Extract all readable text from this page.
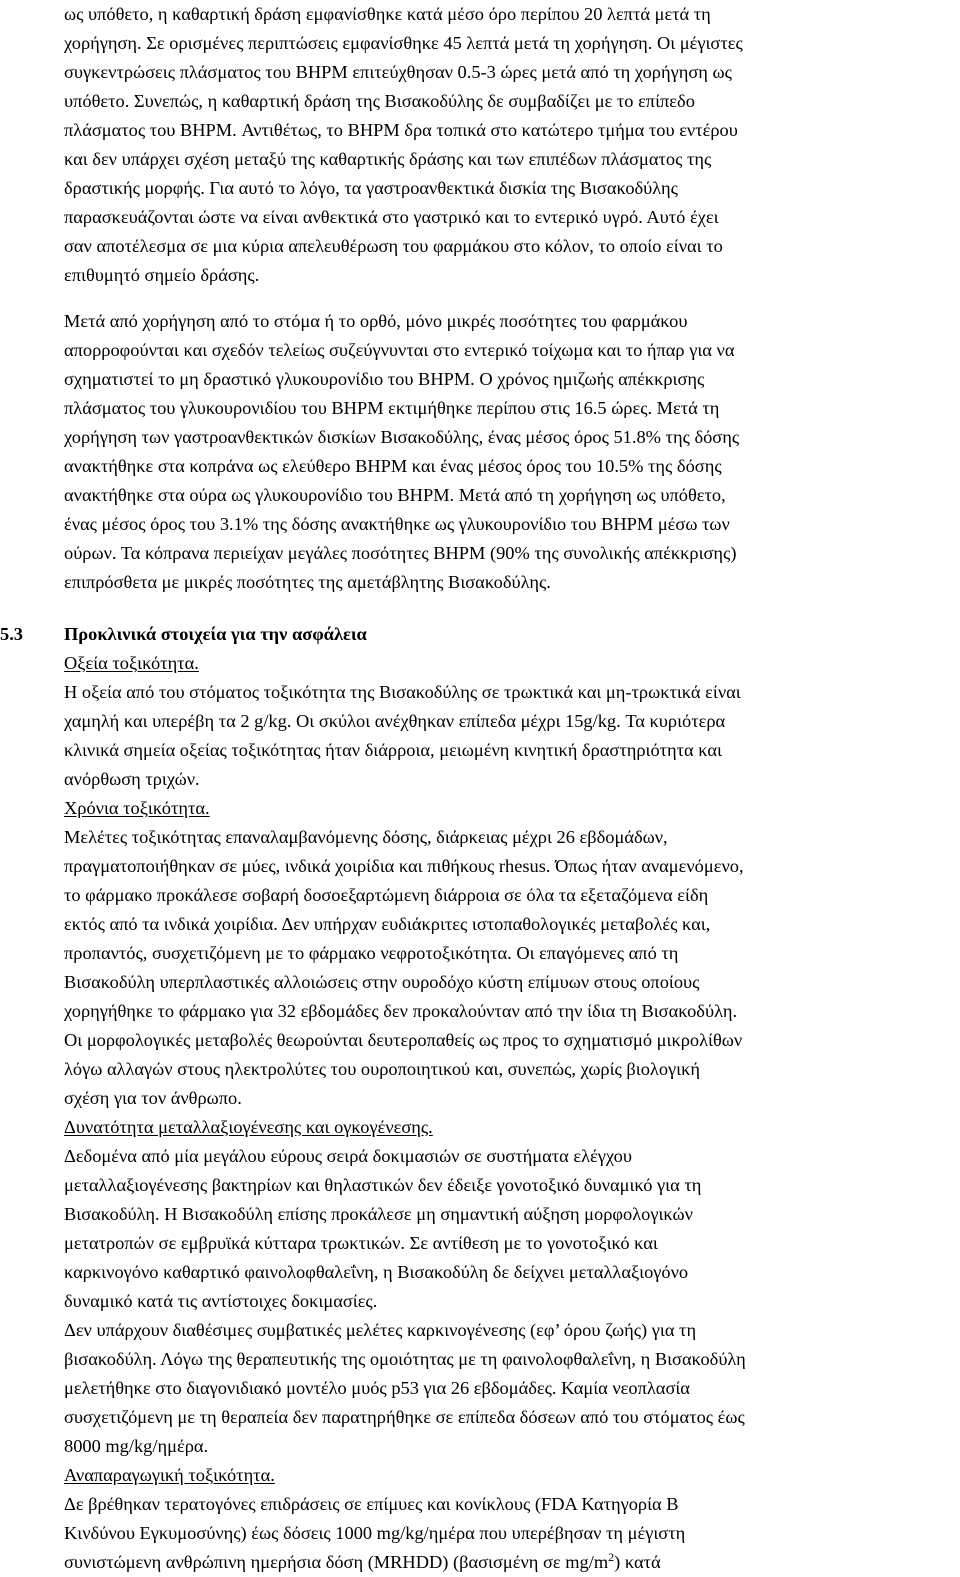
ως υπόθετο, η καθαρτική δράση εμφανίσθηκε κατά μέσο όρο περίπου 20 λεπτά μετά τη
χορήγηση. Σε ορισμένες περιπτώσεις εμφανίσθηκε 45 λεπτά μετά τη χορήγηση. Οι μέγιστες
συγκεντρώσεις πλάσματος του BHPM επιτεύχθησαν 0.5-3 ώρες μετά από τη χορήγηση ως
υπόθετο. Συνεπώς, η καθαρτική δράση της Βισακοδύλης δε συμβαδίζει με το επίπεδο
πλάσματος του BHPM. Αντιθέτως, το BHPM δρα τοπικά στο κατώτερο τμήμα του εντέρου
και δεν υπάρχει σχέση μεταξύ της καθαρτικής δράσης και των επιπέδων πλάσματος της
δραστικής μορφής. Για αυτό το λόγο, τα γαστροανθεκτικά δισκία της Βισακοδύλης
παρασκευάζονται ώστε να είναι ανθεκτικά στο γαστρικό και το εντερικό υγρό. Αυτό έχει
σαν αποτέλεσμα σε μια κύρια απελευθέρωση του φαρμάκου στο κόλον, το οποίο είναι το
επιθυμητό σημείο δράσης.
Μετά από χορήγηση από το στόμα ή το ορθό, μόνο μικρές ποσότητες του φαρμάκου
απορροφούνται και σχεδόν τελείως συζεύγνυνται στο εντερικό τοίχωμα και το ήπαρ για να
σχηματιστεί το μη δραστικό γλυκουρονίδιο του BHPM. Ο χρόνος ημιζωής απέκκρισης
πλάσματος του γλυκουρονιδίου του BHPM εκτιμήθηκε περίπου στις 16.5 ώρες. Μετά τη
χορήγηση των γαστροανθεκτικών δισκίων Βισακοδύλης, ένας μέσος όρος 51.8% της δόσης
ανακτήθηκε στα κοπράνα ως ελεύθερο BHPM και ένας μέσος όρος του 10.5% της δόσης
ανακτήθηκε στα ούρα ως γλυκουρονίδιο του BHPM. Μετά από τη χορήγηση ως υπόθετο,
ένας μέσος όρος του 3.1% της δόσης ανακτήθηκε ως γλυκουρονίδιο του BHPM μέσω των
ούρων. Τα κόπρανα περιείχαν μεγάλες ποσότητες BHPM (90% της συνολικής απέκκρισης)
επιπρόσθετα με μικρές ποσότητες της αμετάβλητης Βισακοδύλης.
5.3 Προκλινικά στοιχεία για την ασφάλεια
Οξεία τοξικότητα.
Η οξεία από του στόματος τοξικότητα της Βισακοδύλης σε τρωκτικά και μη-τρωκτικά είναι
χαμηλή και υπερέβη τα 2 g/kg. Οι σκύλοι ανέχθηκαν επίπεδα μέχρι 15g/kg. Τα κυριότερα
κλινικά σημεία οξείας τοξικότητας ήταν διάρροια, μειωμένη κινητική δραστηριότητα και
ανόρθωση τριχών.
Χρόνια τοξικότητα.
Μελέτες τοξικότητας επαναλαμβανόμενης δόσης, διάρκειας μέχρι 26 εβδομάδων,
πραγματοποιήθηκαν σε μύες, ινδικά χοιρίδια και πιθήκους rhesus. Όπως ήταν αναμενόμενο,
το φάρμακο προκάλεσε σοβαρή δοσοεξαρτώμενη διάρροια σε όλα τα εξεταζόμενα είδη
εκτός από τα ινδικά χοιρίδια. Δεν υπήρχαν ευδιάκριτες ιστοπαθολογικές μεταβολές και,
προπαντός, συσχετιζόμενη με το φάρμακο νεφροτοξικότητα. Οι επαγόμενες από τη
Βισακοδύλη υπερπλαστικές αλλοιώσεις στην ουροδόχο κύστη επίμυων στους οποίους
χορηγήθηκε το φάρμακο για 32 εβδομάδες δεν προκαλούνταν από την ίδια τη Βισακοδύλη.
Οι μορφολογικές μεταβολές θεωρούνται δευτεροπαθείς ως προς το σχηματισμό μικρολίθων
λόγω αλλαγών στους ηλεκτρολύτες του ουροποιητικού και, συνεπώς, χωρίς βιολογική
σχέση για τον άνθρωπο.
Δυνατότητα μεταλλαξιογένεσης και ογκογένεσης.
Δεδομένα από μία μεγάλου εύρους σειρά δοκιμασιών σε συστήματα ελέγχου
μεταλλαξιογένεσης βακτηρίων και θηλαστικών δεν έδειξε γονοτοξικό δυναμικό για τη
Βισακοδύλη. Η Βισακοδύλη επίσης προκάλεσε μη σημαντική αύξηση μορφολογικών
μετατροπών σε εμβρυϊκά κύτταρα τρωκτικών. Σε αντίθεση με το γονοτοξικό και
καρκινογόνο καθαρτικό φαινολοφθαλεΐνη, η Βισακοδύλη δε δείχνει μεταλλαξιογόνο
δυναμικό κατά τις αντίστοιχες δοκιμασίες.
Δεν υπάρχουν διαθέσιμες συμβατικές μελέτες καρκινογένεσης (εφ’ όρου ζωής) για τη
βισακοδύλη. Λόγω της θεραπευτικής της ομοιότητας με τη φαινολοφθαλεΐνη, η Βισακοδύλη
μελετήθηκε στο διαγονιδιακό μοντέλο μυός p53 για 26 εβδομάδες. Καμία νεοπλασία
συσχετιζόμενη με τη θεραπεία δεν παρατηρήθηκε σε επίπεδα δόσεων από του στόματος έως
8000 mg/kg/ημέρα.
Αναπαραγωγική τοξικότητα.
Δε βρέθηκαν τερατογόνες επιδράσεις σε επίμυες και κονίκλους (FDA Κατηγορία B
Κινδύνου Εγκυμοσύνης) έως δόσεις 1000 mg/kg/ημέρα που υπερέβησαν τη μέγιστη
συνιστώμενη ανθρώπινη ημερήσια δόση (MRHDD) (βασισμένη σε $mg/m^2$) κατά
